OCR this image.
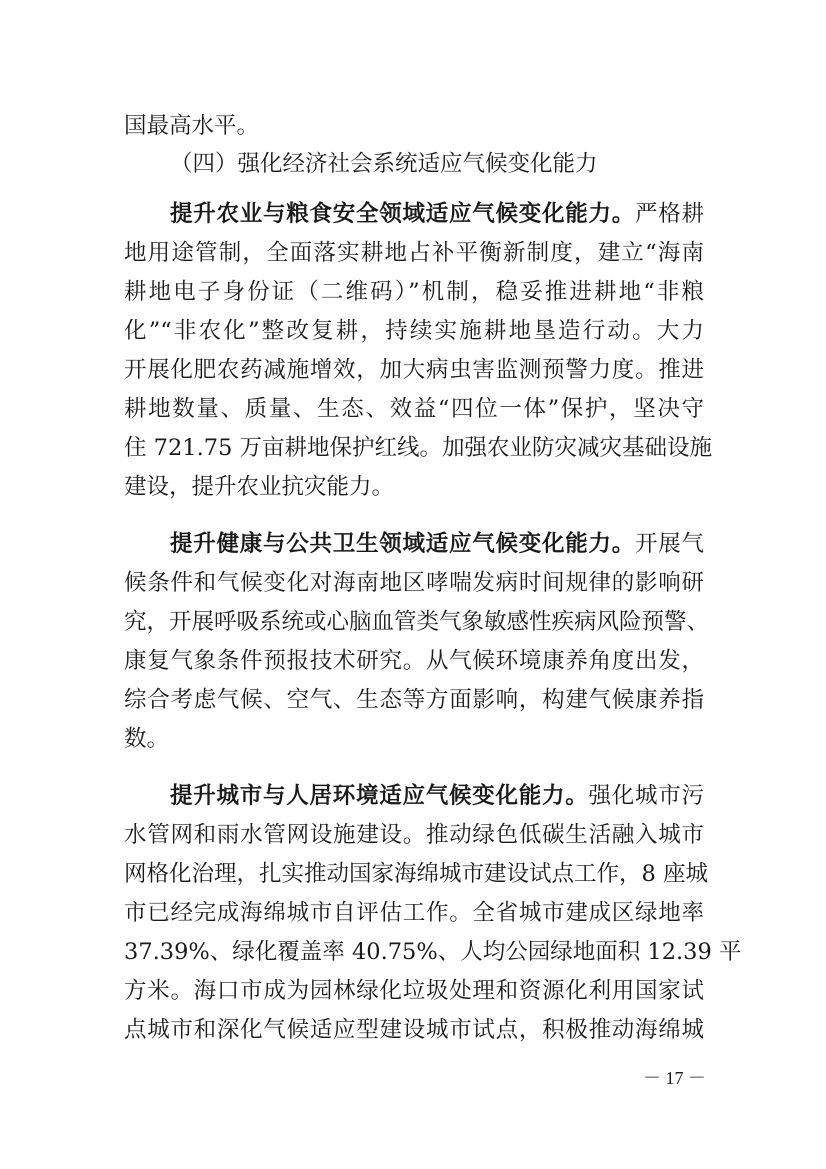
国最高水平。
（四）强化经济社会系统适应气候变化能力
提升农业与粮食安全领域适应气候变化能力。严格耕
地用途管制，全面落实耕地占补平衡新制度，建立“海南
耕地电子身份证（二维码）”机制，稳妥推进耕地“非粮
化”“非农化”整改复耕，持续实施耕地垦造行动。大力
开展化肥农药减施增效，加大病虫害监测预警力度。推进
耕地数量、质量、生态、效益“四位一体”保护，坚决守
住 721.75 万亩耕地保护红线。加强农业防灾减灾基础设施
建设，提升农业抗灾能力。
提升健康与公共卫生领域适应气候变化能力。开展气
候条件和气候变化对海南地区哮喘发病时间规律的影响研
究，开展呼吸系统或心脑血管类气象敏感性疾病风险预警、
康复气象条件预报技术研究。从气候环境康养角度出发，
综合考虑气候、空气、生态等方面影响，构建气候康养指
数。
提升城市与人居环境适应气候变化能力。强化城市污
水管网和雨水管网设施建设。推动绿色低碳生活融入城市
网格化治理，扎实推动国家海绵城市建设试点工作，8 座城
市已经完成海绵城市自评估工作。全省城市建成区绿地率
37.39%、绿化覆盖率 40.75%、人均公园绿地面积 12.39 平
方米。海口市成为园林绿化垃圾处理和资源化利用国家试
点城市和深化气候适应型建设城市试点，积极推动海绵城
－ 17 －
